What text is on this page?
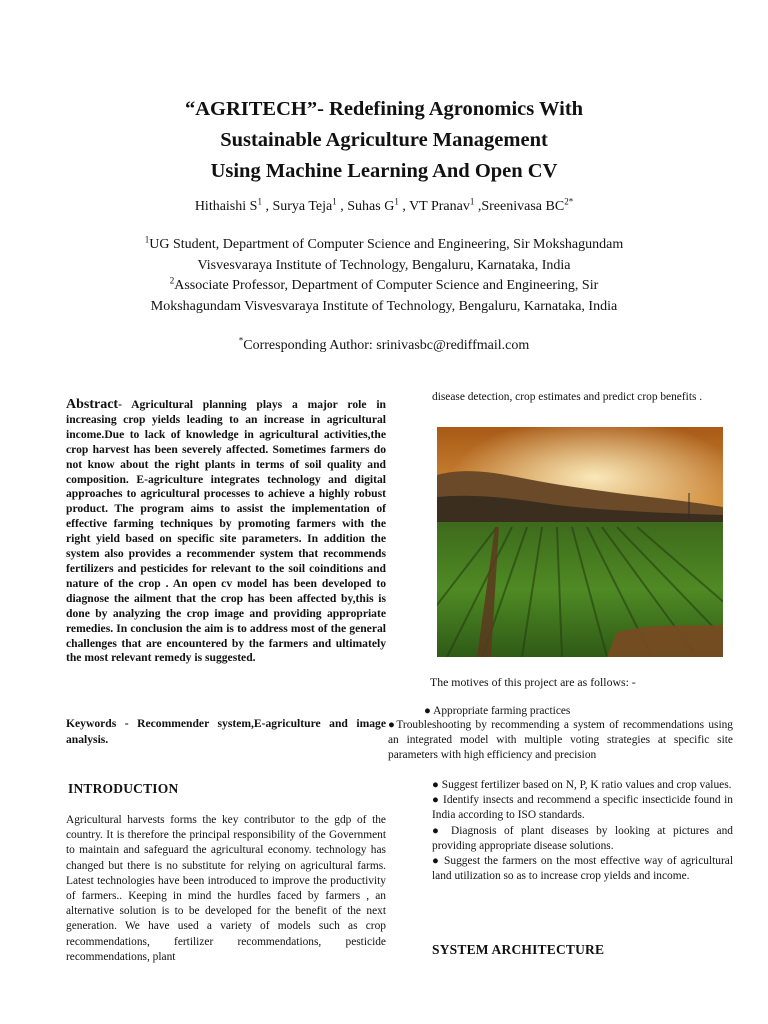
“AGRITECH”- Redefining Agronomics With
Sustainable Agriculture Management
Using Machine Learning And Open CV
Hithaishi $S^1$ , Surya Teja$^1$ , Suhas $G^1$ , VT Pranav$^1$ ,Sreenivasa $BC^{2*}$
$^1$UG Student, Department of Computer Science and Engineering, Sir Mokshagundam
Visvesvaraya Institute of Technology, Bengaluru, Karnataka, India
$^2$Associate Professor, Department of Computer Science and Engineering, Sir
Mokshagundam Visvesvaraya Institute of Technology, Bengaluru, Karnataka, India
*Corresponding Author: srinivasbc@rediffmail.com
Abstract- Agricultural planning plays a major role in increasing crop yields leading to an increase in agricultural income.Due to lack of knowledge in agricultural activities,the crop harvest has been severely affected. Sometimes farmers do not know about the right plants in terms of soil quality and composition. E-agriculture integrates technology and digital approaches to agricultural processes to achieve a highly robust product. The program aims to assist the implementation of effective farming techniques by promoting farmers with the right yield based on specific site parameters. In addition the system also provides a recommender system that recommends fertilizers and pesticides for relevant to the soil coinditions and nature of the crop . An open cv model has been developed to diagnose the ailment that the crop has been affected by,this is done by analyzing the crop image and providing appropriate remedies. In conclusion the aim is to address most of the general challenges that are encountered by the farmers and ultimately the most relevant remedy is suggested.
Keywords - Recommender system,E-agriculture and image analysis.
INTRODUCTION
Agricultural harvests forms the key contributor to the gdp of the country. It is therefore the principal responsibility of the Government to maintain and safeguard the agricultural economy. technology has changed but there is no substitute for relying on agricultural farms. Latest technologies have been introduced to improve the productivity of farmers.. Keeping in mind the hurdles faced by farmers , an alternative solution is to be developed for the benefit of the next generation. We have used a variety of models such as crop recommendations, fertilizer recommendations, pesticide recommendations, plant
disease detection, crop estimates and predict crop benefits .
The motives of this project are as follows: -
● Appropriate farming practices
●Troubleshooting by recommending a system of recommendations using an integrated model with multiple voting strategies at specific site parameters with high efficiency and precision
● Suggest fertilizer based on N, P, K ratio values and crop values.
● Identify insects and recommend a specific insecticide found in India according to ISO standards.
● Diagnosis of plant diseases by looking at pictures and providing appropriate disease solutions.
● Suggest the farmers on the most effective way of agricultural land utilization so as to increase crop yields and income.
SYSTEM ARCHITECTURE
